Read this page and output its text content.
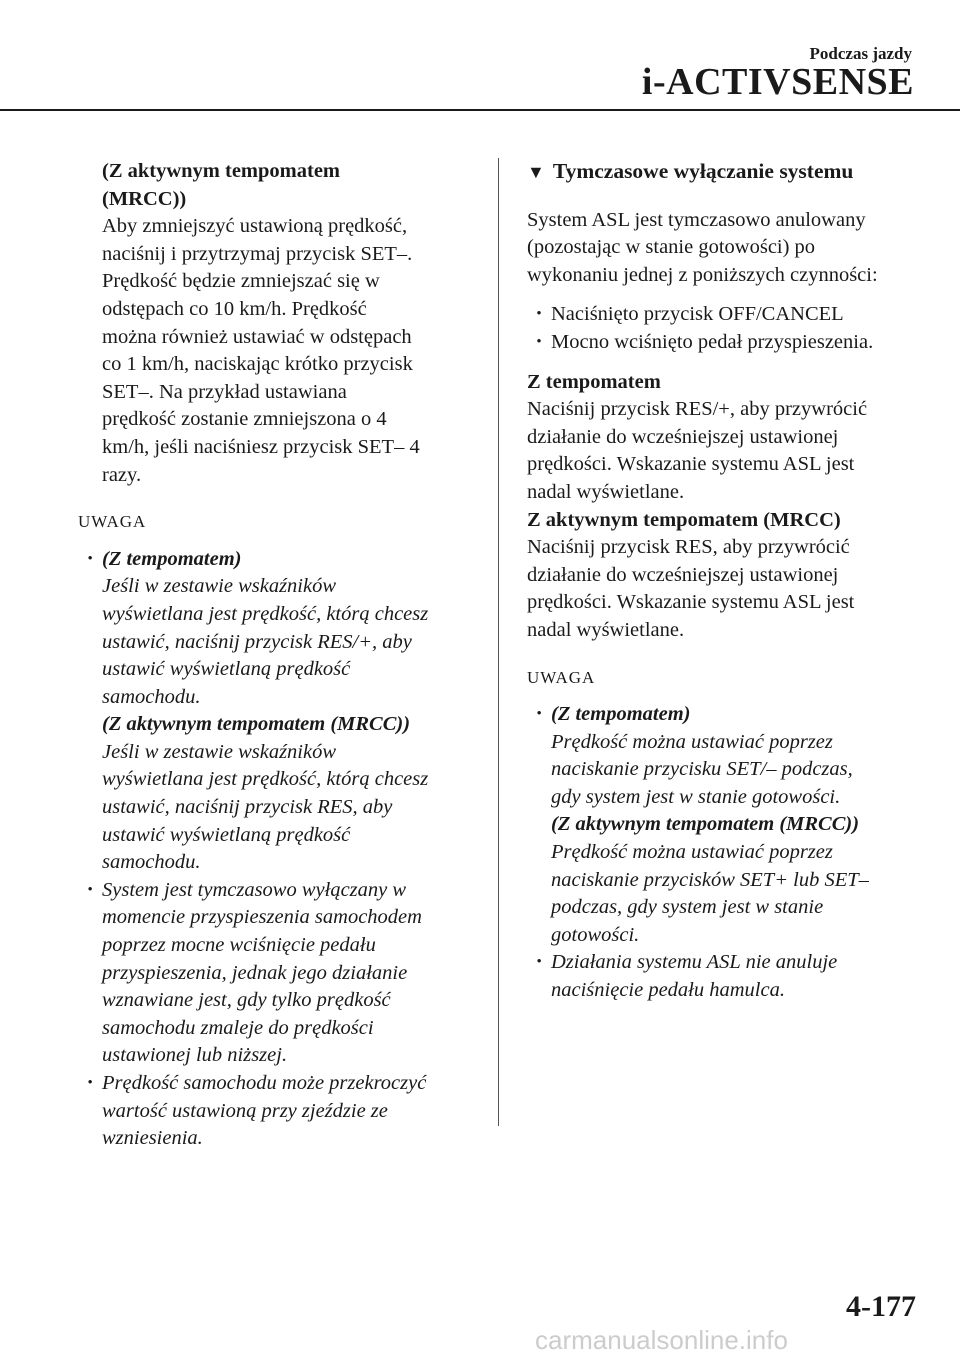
Podczas jazdy
i-ACTIVSENSE

(Z aktywnym tempomatem

(MRCC))

Aby zmniejszyć ustawioną prędkość,

naciśnij i przytrzymaj przycisk SET–.

Prędkość będzie zmniejszać się w

odstępach co 10 km/h. Prędkość

można również ustawiać w odstępach

co 1 km/h, naciskając krótko przycisk

SET–. Na przykład ustawiana

prędkość zostanie zmniejszona o 4

km/h, jeśli naciśniesz przycisk SET– 4

razy.

UWAGA
• (Z tempomatem)

Jeśli w zestawie wskaźników

wyświetlana jest prędkość, którą chcesz

ustawić, naciśnij przycisk RES/+, aby

ustawić wyświetlaną prędkość

samochodu.

(Z aktywnym tempomatem (MRCC))

Jeśli w zestawie wskaźników

wyświetlana jest prędkość, którą chcesz

ustawić, naciśnij przycisk RES, aby

ustawić wyświetlaną prędkość

samochodu.

• System jest tymczasowo wyłączany w

momencie przyspieszenia samochodem

poprzez mocne wciśnięcie pedału

przyspieszenia, jednak jego działanie

wznawiane jest, gdy tylko prędkość

samochodu zmaleje do prędkości

ustawionej lub niższej.

• Prędkość samochodu może przekroczyć

wartość ustawioną przy zjeździe ze

wzniesienia.

▼ Tymczasowe wyłączanie systemu

System ASL jest tymczasowo anulowany

(pozostając w stanie gotowości) po

wykonaniu jednej z poniższych czynności:

• Naciśnięto przycisk OFF/CANCEL
• Mocno wciśnięto pedał przyspieszenia.

Z tempomatem

Naciśnij przycisk RES/+, aby przywrócić

działanie do wcześniejszej ustawionej

prędkości. Wskazanie systemu ASL jest

nadal wyświetlane.

Z aktywnym tempomatem (MRCC)

Naciśnij przycisk RES, aby przywrócić

działanie do wcześniejszej ustawionej

prędkości. Wskazanie systemu ASL jest

nadal wyświetlane.

UWAGA
• (Z tempomatem)

Prędkość można ustawiać poprzez

naciskanie przycisku SET/– podczas,

gdy system jest w stanie gotowości.

(Z aktywnym tempomatem (MRCC))

Prędkość można ustawiać poprzez

naciskanie przycisków SET+ lub SET–

podczas, gdy system jest w stanie

gotowości.

• Działania systemu ASL nie anuluje

naciśnięcie pedału hamulca.

4-177
carmanualsonline.info
